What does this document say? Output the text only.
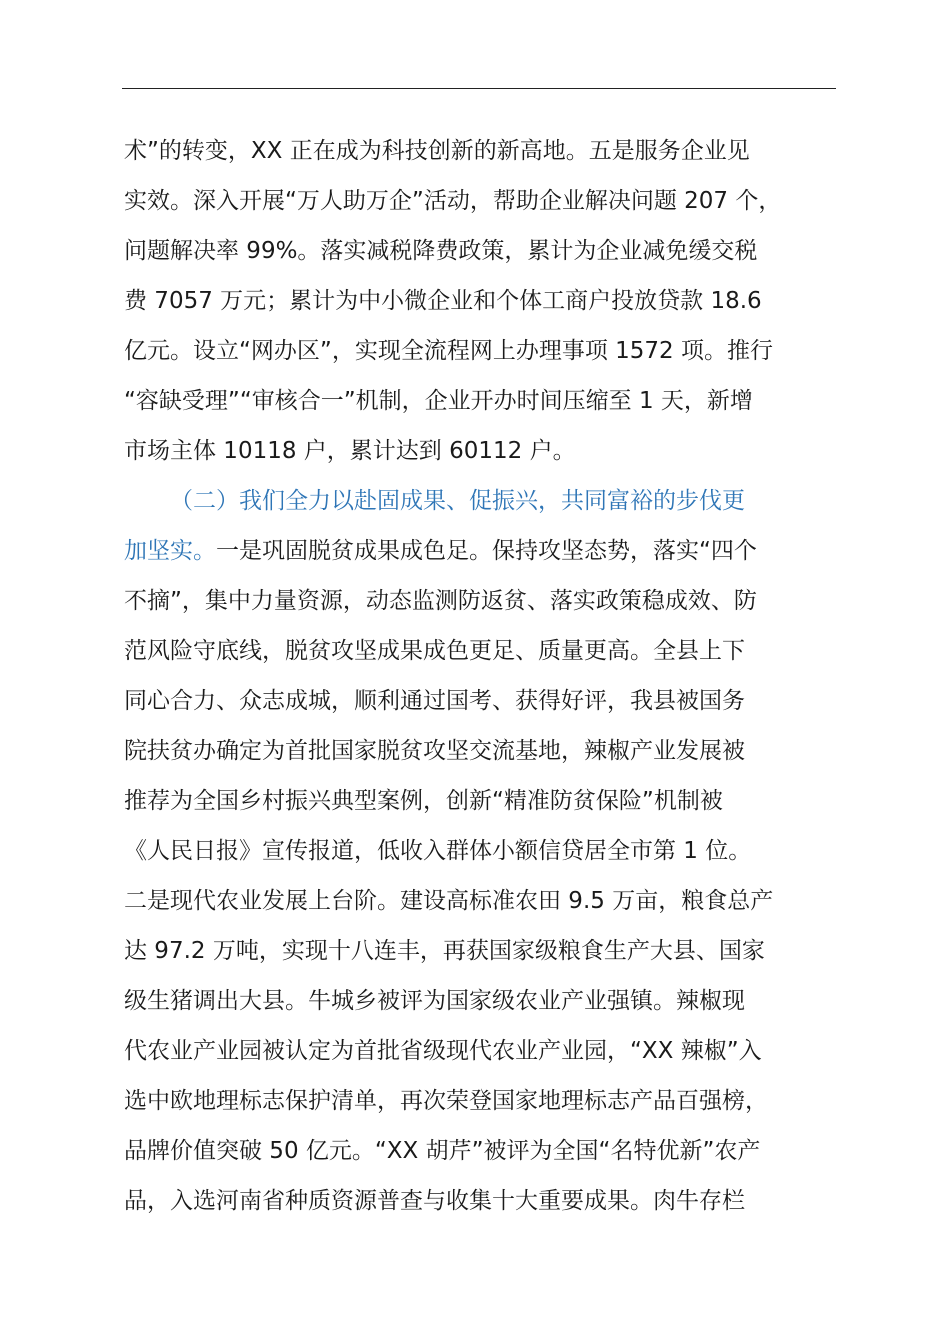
术”的转变，XX 正在成为科技创新的新高地。五是服务企业见
实效。深入开展“万人助万企”活动，帮助企业解决问题 207 个，
问题解决率 99%。落实减税降费政策，累计为企业减免缓交税
费 7057 万元；累计为中小微企业和个体工商户投放贷款 18.6
亿元。设立“网办区”，实现全流程网上办理事项 1572 项。推行
“容缺受理”“审核合一”机制，企业开办时间压缩至 1 天，新增
市场主体 10118 户，累计达到 60112 户。
（二）我们全力以赴固成果、促振兴，共同富裕的步伐更
加坚实。一是巩固脱贫成果成色足。保持攻坚态势，落实“四个
不摘”，集中力量资源，动态监测防返贫、落实政策稳成效、防
范风险守底线，脱贫攻坚成果成色更足、质量更高。全县上下
同心合力、众志成城，顺利通过国考、获得好评，我县被国务
院扶贫办确定为首批国家脱贫攻坚交流基地，辣椒产业发展被
推荐为全国乡村振兴典型案例，创新“精准防贫保险”机制被
《人民日报》宣传报道，低收入群体小额信贷居全市第 1 位。
二是现代农业发展上台阶。建设高标准农田 9.5 万亩，粮食总产
达 97.2 万吨，实现十八连丰，再获国家级粮食生产大县、国家
级生猪调出大县。牛城乡被评为国家级农业产业强镇。辣椒现
代农业产业园被认定为首批省级现代农业产业园，“XX 辣椒”入
选中欧地理标志保护清单，再次荣登国家地理标志产品百强榜，
品牌价值突破 50 亿元。“XX 胡芹”被评为全国“名特优新”农产
品，入选河南省种质资源普查与收集十大重要成果。肉牛存栏
